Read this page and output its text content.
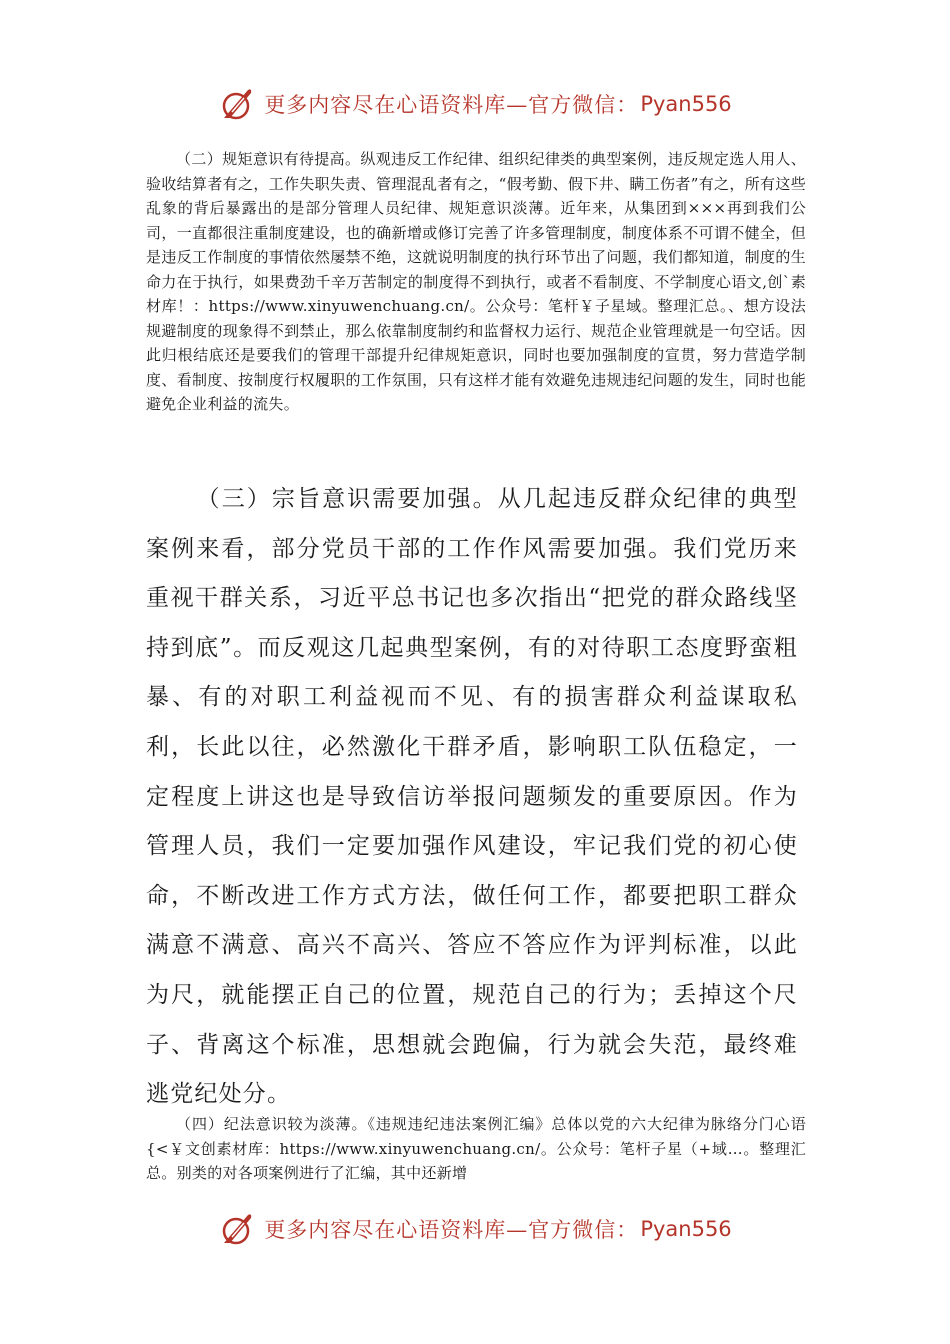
更多内容尽在心语资料库—官方微信： Pyan556

（二）规矩意识有待提高。纵观违反工作纪律、组织纪律类的典型案例，违反规定选人用人、验收结算者有之，工作失职失责、管理混乱者有之，“假考勤、假下井、瞒工伤者”有之，所有这些乱象的背后暴露出的是部分管理人员纪律、规矩意识淡薄。近年来，从集团到×××再到我们公司，一直都很注重制度建设，也的确新增或修订完善了许多管理制度，制度体系不可谓不健全，但是违反工作制度的事情依然屡禁不绝，这就说明制度的执行环节出了问题，我们都知道，制度的生命力在于执行，如果费劲千辛万苦制定的制度得不到执行，或者不看制度、不学制度心语文,创`素材库！：https://www.xinyuwenchuang.cn/。公众号：笔杆￥子星域。整理汇总。、想方设法规避制度的现象得不到禁止，那么依靠制度制约和监督权力运行、规范企业管理就是一句空话。因此归根结底还是要我们的管理干部提升纪律规矩意识，同时也要加强制度的宣贯，努力营造学制度、看制度、按制度行权履职的工作氛围，只有这样才能有效避免违规违纪问题的发生，同时也能避免企业利益的流失。

（三）宗旨意识需要加强。从几起违反群众纪律的典型案例来看，部分党员干部的工作作风需要加强。我们党历来重视干群关系，习近平总书记也多次指出“把党的群众路线坚持到底”。而反观这几起典型案例，有的对待职工态度野蛮粗暴、有的对职工利益视而不见、有的损害群众利益谋取私利，长此以往，必然激化干群矛盾，影响职工队伍稳定，一定程度上讲这也是导致信访举报问题频发的重要原因。作为管理人员，我们一定要加强作风建设，牢记我们党的初心使命，不断改进工作方式方法，做任何工作，都要把职工群众满意不满意、高兴不高兴、答应不答应作为评判标准，以此为尺，就能摆正自己的位置，规范自己的行为；丢掉这个尺子、背离这个标准，思想就会跑偏，行为就会失范，最终难逃党纪处分。

（四）纪法意识较为淡薄。《违规违纪违法案例汇编》总体以党的六大纪律为脉络分门心语{<￥文创素材库：https://www.xinyuwenchuang.cn/。公众号：笔杆子星（+域…。整理汇总。别类的对各项案例进行了汇编，其中还新增

更多内容尽在心语资料库—官方微信： Pyan556
